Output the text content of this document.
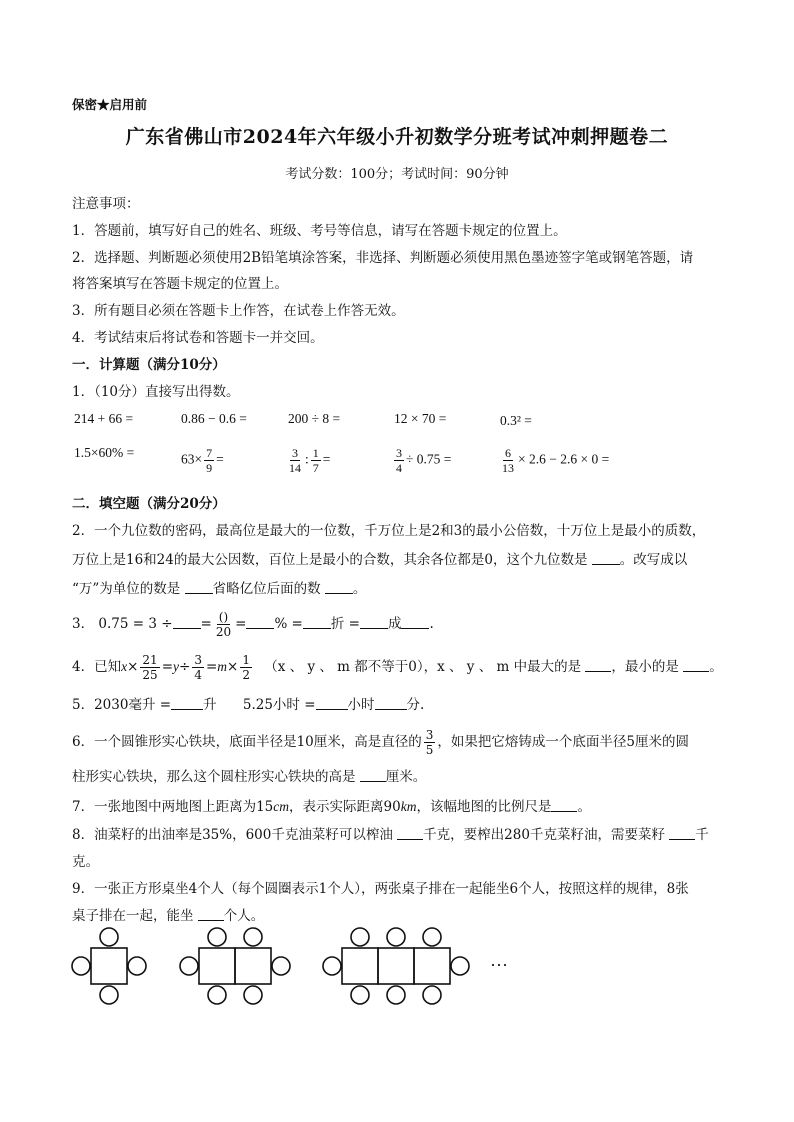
保密★启用前
广东省佛山市2024年六年级小升初数学分班考试冲刺押题卷二
考试分数：100分；考试时间：90分钟
注意事项：
1．答题前，填写好自己的姓名、班级、考号等信息，请写在答题卡规定的位置上。
2．选择题、判断题必须使用2B铅笔填涂答案，非选择、判断题必须使用黑色墨迹签字笔或钢笔答题，请
将答案填写在答题卡规定的位置上。
3．所有题目必须在答题卡上作答，在试卷上作答无效。
4．考试结束后将试卷和答题卡一并交回。
一．计算题（满分10分）
1．（10分）直接写出得数。
214 + 66 =	0.86 − 0.6 =	200 ÷ 8 =	12 × 70 =	0.3² =
1.5×60% =	$63\times \frac{7}{9}$ =	$\frac{3}{14}$ : $\frac{1}{7}$ =	$\frac{3}{4} \div 0.75$ =	$\frac{6}{13} \times 2.6 - 2.6 \times 0$ =
二．填空题（满分20分）
2．一个九位数的密码，最高位是最大的一位数，千万位上是2和3的最小公倍数，十万位上是最小的质数，
万位上是16和24的最大公因数，百位上是最小的合数，其余各位都是0，这个九位数是 。改写成以
“万”为单位的数是 省略亿位后面的数 。
3． 0.75 = 3 ÷ = $\frac{()}{20}$ = % = 折 = 成 .
4．已知$x\times \frac{21}{25} =y\div \frac{3}{4} =m\times \frac{1}{2} (x$ 、 y 、 m 都不等于0），x 、 y 、 m 中最大的是 ，最小的是 。
5．2030毫升 = 升 5.25小时 = 小时 分.
6．一个圆锥形实心铁块，底面半径是10厘米，高是直径的 $\frac{3}{5}$ ，如果把它熔铸成一个底面半径5厘米的圆
柱形实心铁块，那么这个圆柱形实心铁块的高是 厘米。
7．一张地图中两地图上距离为15cm，表示实际距离90km，该幅地图的比例尺是 。
8．油菜籽的出油率是35%，600千克油菜籽可以榨油 千克，要榨出280千克菜籽油，需要菜籽 千
克。
9．一张正方形桌坐4个人（每个圆圈表示1个人），两张桌子排在一起能坐6个人，按照这样的规律，8张
桌子排在一起，能坐 个人。
···
